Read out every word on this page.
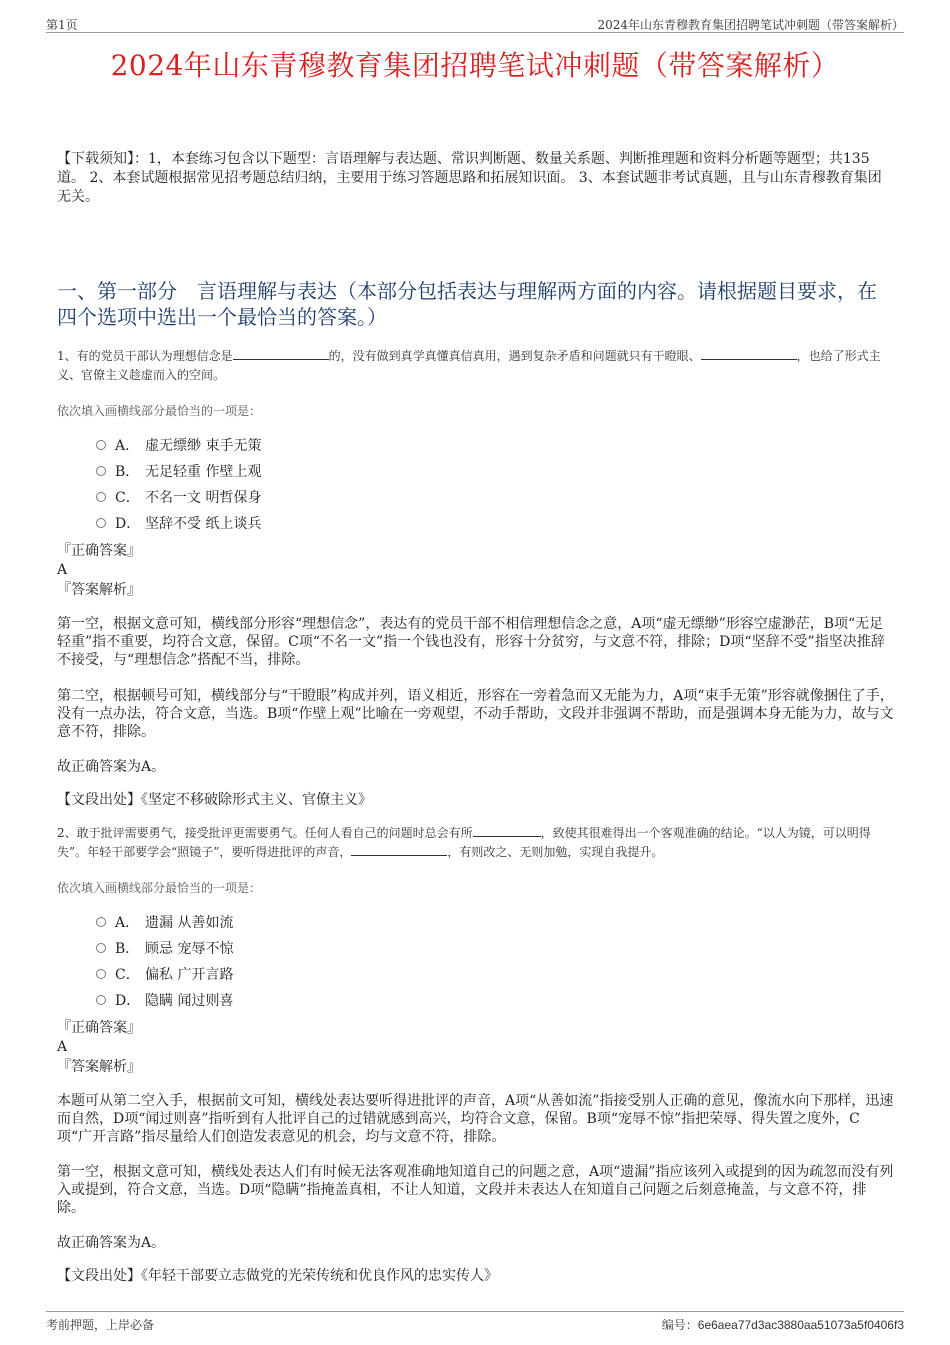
第1页	2024年山东青穆教育集团招聘笔试冲刺题（带答案解析）
2024年山东青穆教育集团招聘笔试冲刺题（带答案解析）
【下载须知】：1，本套练习包含以下题型：言语理解与表达题、常识判断题、数量关系题、判断推理题和资料分析题等题型；共135道。 2、本套试题根据常见招考题总结归纳，主要用于练习答题思路和拓展知识面。 3、本套试题非考试真题，且与山东青穆教育集团无关。
一、第一部分　言语理解与表达（本部分包括表达与理解两方面的内容。请根据题目要求，在四个选项中选出一个最恰当的答案。）
1、有的党员干部认为理想信念是	的，没有做到真学真懂真信真用，遇到复杂矛盾和问题就只有干瞪眼、	，也给了形式主义、官僚主义趁虚而入的空间。
依次填入画横线部分最恰当的一项是：
A． 虚无缥缈 束手无策
B． 无足轻重 作壁上观
C． 不名一文 明哲保身
D． 坚辞不受 纸上谈兵
『正确答案』
A
『答案解析』
第一空，根据文意可知，横线部分形容“理想信念”，表达有的党员干部不相信理想信念之意，A项“虚无缥缈”形容空虚渺茫，B项“无足轻重”指不重要，均符合文意，保留。C项“不名一文”指一个钱也没有，形容十分贫穷，与文意不符，排除；D项“坚辞不受”指坚决推辞不接受，与“理想信念”搭配不当，排除。
第二空，根据顿号可知，横线部分与“干瞪眼”构成并列，语义相近，形容在一旁着急而又无能为力，A项“束手无策”形容就像捆住了手，没有一点办法，符合文意，当选。B项“作壁上观”比喻在一旁观望，不动手帮助，文段并非强调不帮助，而是强调本身无能为力，故与文意不符，排除。
故正确答案为A。
【文段出处】《坚定不移破除形式主义、官僚主义》
2、敢于批评需要勇气，接受批评更需要勇气。任何人看自己的问题时总会有所	，致使其很难得出一个客观准确的结论。“以人为镜，可以明得失”。年轻干部要学会“照镜子”，要听得进批评的声音，	，有则改之、无则加勉，实现自我提升。
依次填入画横线部分最恰当的一项是：
A． 遗漏 从善如流
B． 顾忌 宠辱不惊
C． 偏私 广开言路
D． 隐瞒 闻过则喜
『正确答案』
A
『答案解析』
本题可从第二空入手，根据前文可知，横线处表达要听得进批评的声音，A项“从善如流”指接受别人正确的意见，像流水向下那样，迅速而自然，D项“闻过则喜”指听到有人批评自己的过错就感到高兴，均符合文意，保留。B项“宠辱不惊”指把荣辱、得失置之度外，C项“广开言路”指尽量给人们创造发表意见的机会，均与文意不符，排除。
第一空，根据文意可知，横线处表达人们有时候无法客观准确地知道自己的问题之意，A项“遗漏”指应该列入或提到的因为疏忽而没有列入或提到，符合文意，当选。D项“隐瞒”指掩盖真相，不让人知道，文段并未表达人在知道自己问题之后刻意掩盖，与文意不符，排除。
故正确答案为A。
【文段出处】《年轻干部要立志做党的光荣传统和优良作风的忠实传人》
考前押题，上岸必备	编号：6e6aea77d3ac3880aa51073a5f0406f3
